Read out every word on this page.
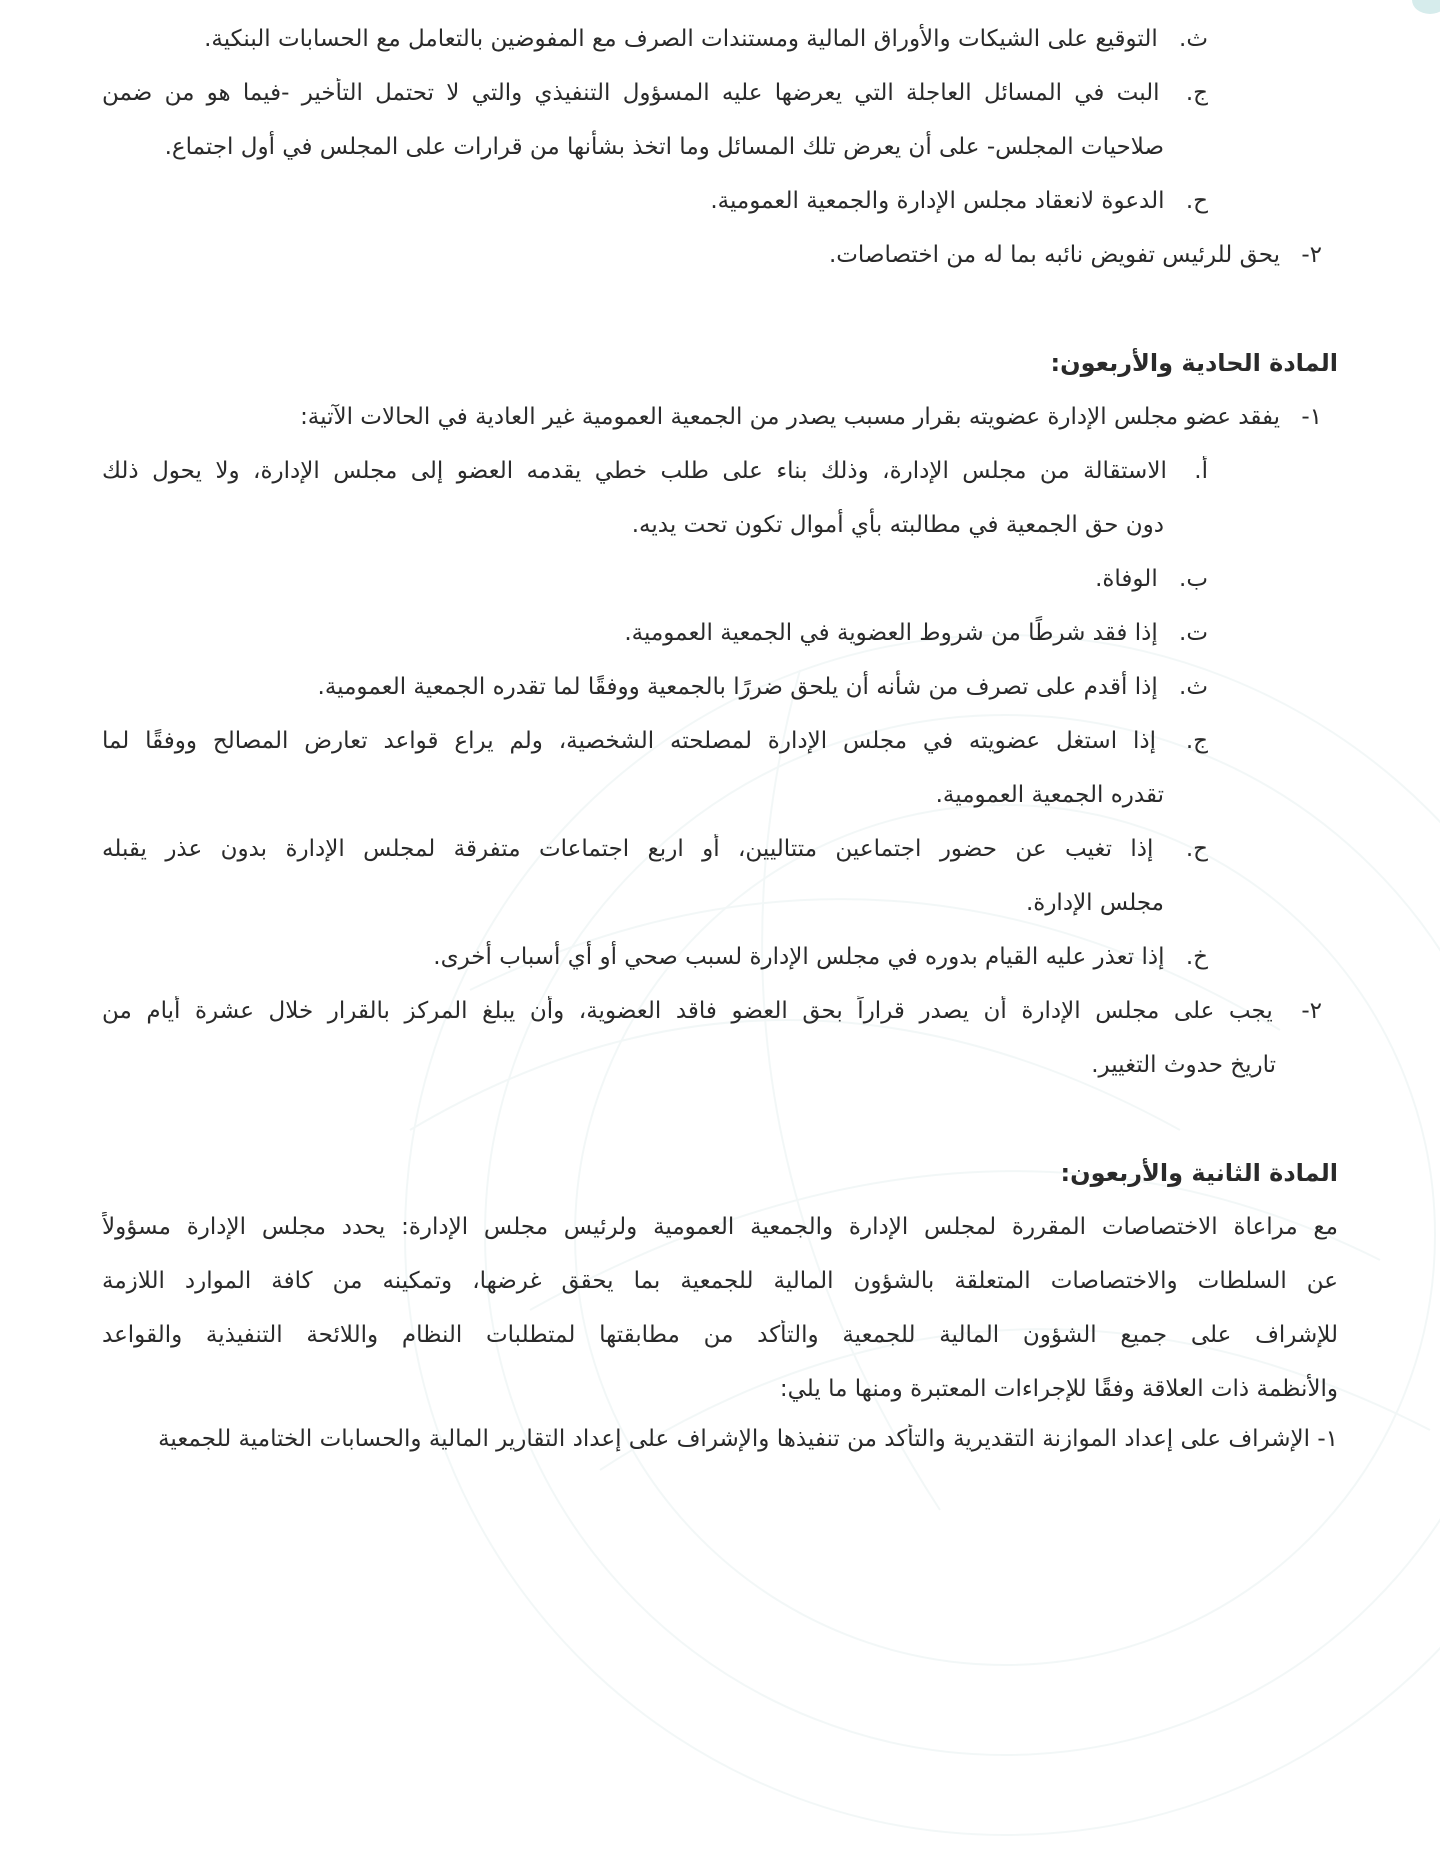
ث. التوقيع على الشيكات والأوراق المالية ومستندات الصرف مع المفوضين بالتعامل مع الحسابات البنكية.
ج. البت في المسائل العاجلة التي يعرضها عليه المسؤول التنفيذي والتي لا تحتمل التأخير -فيما هو من ضمن
صلاحيات المجلس- على أن يعرض تلك المسائل وما اتخذ بشأنها من قرارات على المجلس في أول اجتماع.
ح. الدعوة لانعقاد مجلس الإدارة والجمعية العمومية.
٢- يحق للرئيس تفويض نائبه بما له من اختصاصات.
المادة الحادية والأربعون:
١- يفقد عضو مجلس الإدارة عضويته بقرار مسبب يصدر من الجمعية العمومية غير العادية في الحالات الآتية:
أ. الاستقالة من مجلس الإدارة، وذلك بناء على طلب خطي يقدمه العضو إلى مجلس الإدارة، ولا يحول ذلك
دون حق الجمعية في مطالبته بأي أموال تكون تحت يديه.
ب. الوفاة.
ت. إذا فقد شرطًا من شروط العضوية في الجمعية العمومية.
ث. إذا أقدم على تصرف من شأنه أن يلحق ضررًا بالجمعية ووفقًا لما تقدره الجمعية العمومية.
ج. إذا استغل عضويته في مجلس الإدارة لمصلحته الشخصية، ولم يراع قواعد تعارض المصالح ووفقًا لما
تقدره الجمعية العمومية.
ح. إذا تغيب عن حضور اجتماعين متتاليين، أو اربع اجتماعات متفرقة لمجلس الإدارة بدون عذر يقبله
مجلس الإدارة.
خ. إذا تعذر عليه القيام بدوره في مجلس الإدارة لسبب صحي أو أي أسباب أخرى.
٢- يجب على مجلس الإدارة أن يصدر قراراً بحق العضو فاقد العضوية، وأن يبلغ المركز بالقرار خلال عشرة أيام من
تاريخ حدوث التغيير.
المادة الثانية والأربعون:
مع مراعاة الاختصاصات المقررة لمجلس الإدارة والجمعية العمومية ولرئيس مجلس الإدارة: يحدد مجلس الإدارة مسؤولاً
عن السلطات والاختصاصات المتعلقة بالشؤون المالية للجمعية بما يحقق غرضها، وتمكينه من كافة الموارد اللازمة
للإشراف على جميع الشؤون المالية للجمعية والتأكد من مطابقتها لمتطلبات النظام واللائحة التنفيذية والقواعد
والأنظمة ذات العلاقة وفقًا للإجراءات المعتبرة ومنها ما يلي:
١- الإشراف على إعداد الموازنة التقديرية والتأكد من تنفيذها والإشراف على إعداد التقارير المالية والحسابات الختامية للجمعية
